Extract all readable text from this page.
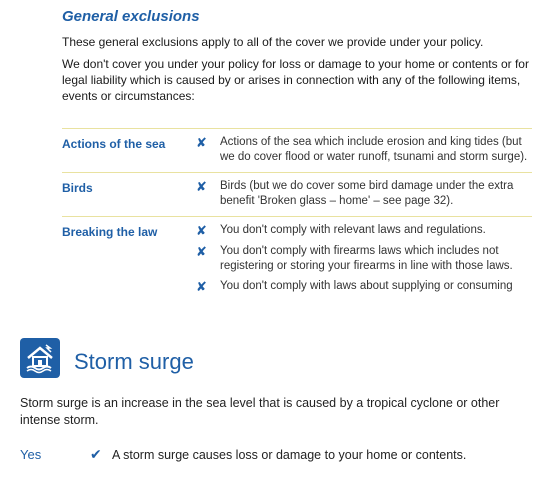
General exclusions

These general exclusions apply to all of the cover we provide under your policy.

We don't cover you under your policy for loss or damage to your home or contents or for legal liability which is caused by or arises in connection with any of the following items, events or circumstances:

Actions of the sea	✘	Actions of the sea which include erosion and king tides (but we do cover flood or water runoff, tsunami and storm surge).
Birds	✘	Birds (but we do cover some bird damage under the extra benefit 'Broken glass – home' – see page 32).
Breaking the law	✘	You don't comply with relevant laws and regulations.
✘	You don't comply with firearms laws which includes not registering or storing your firearms in line with those laws.
✘	You don't comply with laws about supplying or consuming
Storm surge

Storm surge is an increase in the sea level that is caused by a tropical cyclone or other intense storm.

Yes	✔ A storm surge causes loss or damage to your home or contents.
